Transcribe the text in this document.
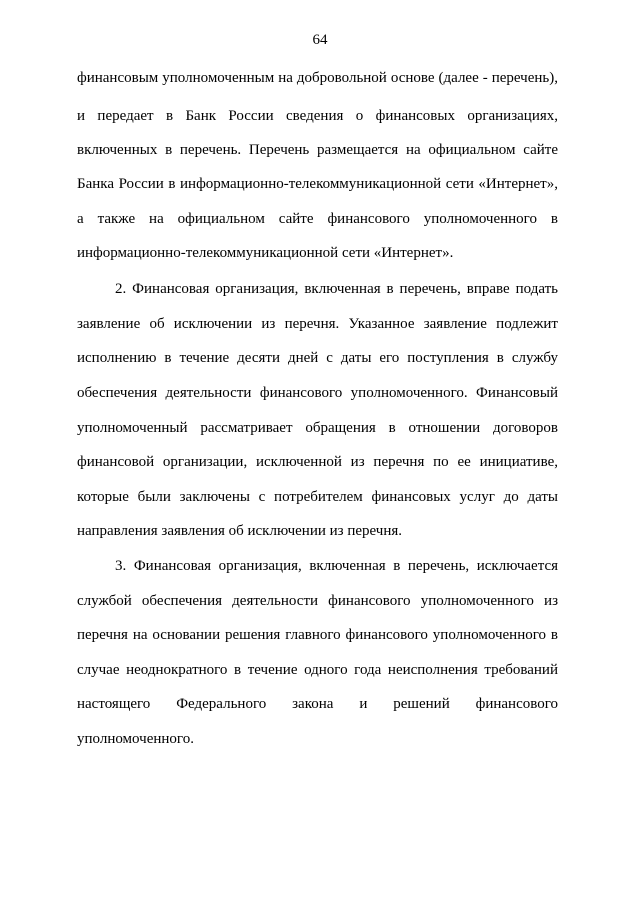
64
финансовым уполномоченным на добровольной основе (далее - перечень),
и передает в Банк России сведения о финансовых организациях,
включенных в перечень. Перечень размещается на официальном сайте
Банка России в информационно-телекоммуникационной сети «Интернет»,
а также на официальном сайте финансового уполномоченного в
информационно-телекоммуникационной сети «Интернет».
2. Финансовая организация, включенная в перечень, вправе подать
заявление об исключении из перечня. Указанное заявление подлежит
исполнению в течение десяти дней с даты его поступления в службу
обеспечения деятельности финансового уполномоченного. Финансовый
уполномоченный рассматривает обращения в отношении договоров
финансовой организации, исключенной из перечня по ее инициативе,
которые были заключены с потребителем финансовых услуг до даты
направления заявления об исключении из перечня.
3. Финансовая организация, включенная в перечень, исключается
службой обеспечения деятельности финансового уполномоченного из
перечня на основании решения главного финансового уполномоченного в
случае неоднократного в течение одного года неисполнения требований
настоящего Федерального закона и решений финансового
уполномоченного.
